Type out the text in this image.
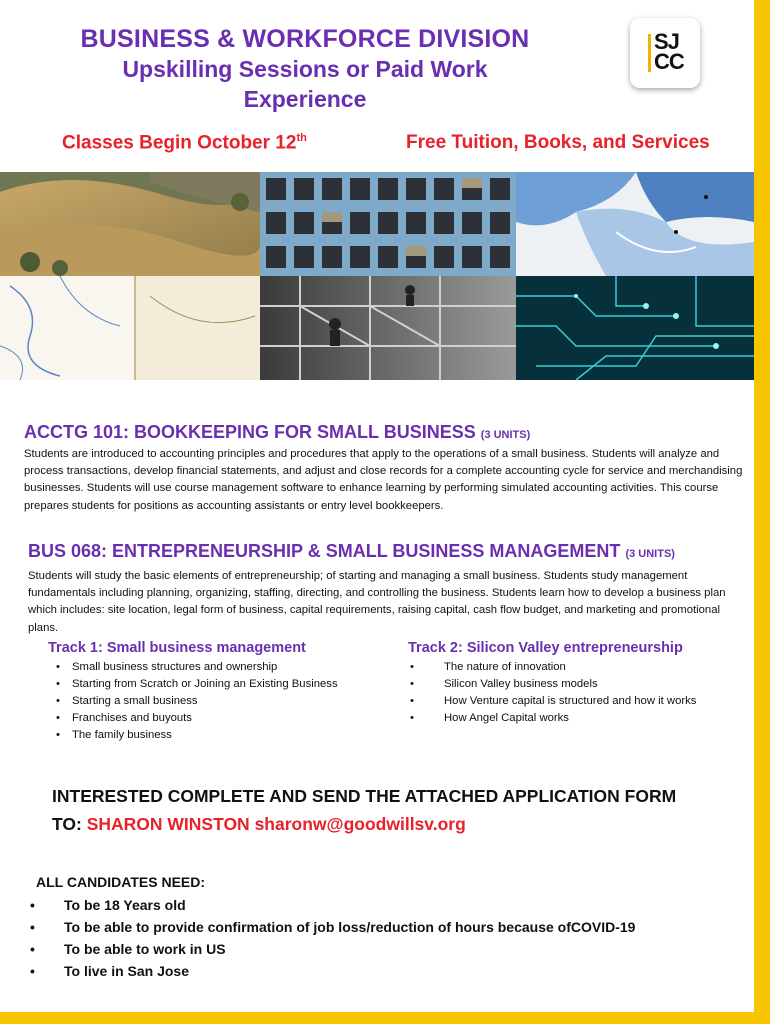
BUSINESS & WORKFORCE DIVISION
Upskilling Sessions or Paid Work
Experience
SJ
CC
Classes Begin October 12th	Free Tuition, Books, and Services
ACCTG 101: BOOKKEEPING FOR SMALL BUSINESS (3 UNITS)
Students are introduced to accounting principles and procedures that apply to the operations of a small business. Students will analyze and process transactions, develop financial statements, and adjust and close records for a complete accounting cycle for service and merchandising businesses. Students will use course management software to enhance learning by performing simulated accounting activities. This course prepares students for positions as accounting assistants or entry level bookkeepers.
BUS 068: ENTREPRENEURSHIP & SMALL BUSINESS MANAGEMENT (3 UNITS)
Students will study the basic elements of entrepreneurship; of starting and managing a small business. Students study management fundamentals including planning, organizing, staffing, directing, and controlling the business. Students learn how to develop a business plan which includes: site location, legal form of business, capital requirements, raising capital, cash flow budget, and marketing and promotional plans.
Track 1: Small business management
• Small business structures and ownership
• Starting from Scratch or Joining an Existing Business
• Starting a small business
• Franchises and buyouts
• The family business
Track 2: Silicon Valley entrepreneurship
•	The nature of innovation
•	Silicon Valley business models
•	How Venture capital is structured and how it works
•	How Angel Capital works
INTERESTED COMPLETE AND SEND THE ATTACHED APPLICATION FORM
TO: SHARON WINSTON sharonw@goodwillsv.org
ALL CANDIDATES NEED:
• To be 18 Years old
• To be able to provide confirmation of job loss/reduction of hours because ofCOVID-19
• To be able to work in US
• To live in San Jose
